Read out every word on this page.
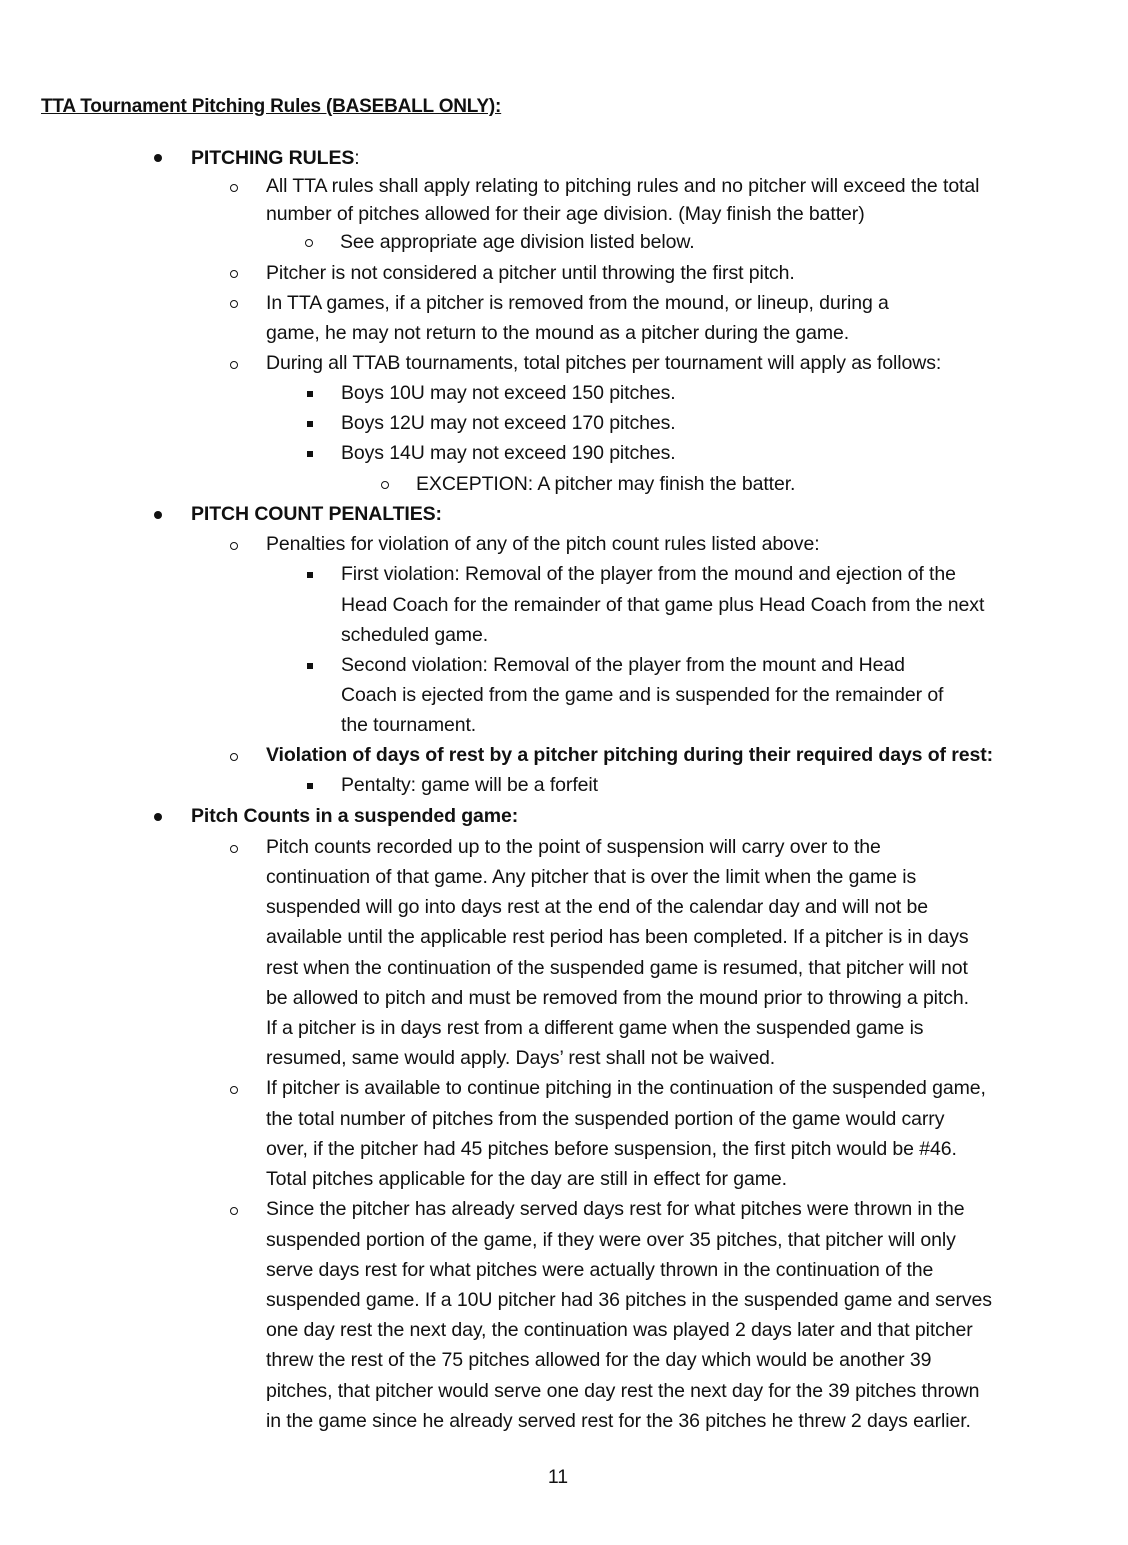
TTA Tournament Pitching Rules (BASEBALL ONLY):
PITCHING RULES:
All TTA rules shall apply relating to pitching rules and no pitcher will exceed the total
number of pitches allowed for their age division. (May finish the batter)
See appropriate age division listed below.
Pitcher is not considered a pitcher until throwing the first pitch.
In TTA games, if a pitcher is removed from the mound, or lineup, during a
game, he may not return to the mound as a pitcher during the game.
During all TTAB tournaments, total pitches per tournament will apply as follows:
Boys 10U may not exceed 150 pitches.
Boys 12U may not exceed 170 pitches.
Boys 14U may not exceed 190 pitches.
EXCEPTION: A pitcher may finish the batter.
PITCH COUNT PENALTIES:
Penalties for violation of any of the pitch count rules listed above:
First violation: Removal of the player from the mound and ejection of the
Head Coach for the remainder of that game plus Head Coach from the next
scheduled game.
Second violation: Removal of the player from the mount and Head
Coach is ejected from the game and is suspended for the remainder of
the tournament.
Violation of days of rest by a pitcher pitching during their required days of rest:
Pentalty: game will be a forfeit
Pitch Counts in a suspended game:
Pitch counts recorded up to the point of suspension will carry over to the
continuation of that game. Any pitcher that is over the limit when the game is
suspended will go into days rest at the end of the calendar day and will not be
available until the applicable rest period has been completed. If a pitcher is in days
rest when the continuation of the suspended game is resumed, that pitcher will not
be allowed to pitch and must be removed from the mound prior to throwing a pitch.
If a pitcher is in days rest from a different game when the suspended game is
resumed, same would apply. Days’ rest shall not be waived.
If pitcher is available to continue pitching in the continuation of the suspended game,
the total number of pitches from the suspended portion of the game would carry
over, if the pitcher had 45 pitches before suspension, the first pitch would be #46.
Total pitches applicable for the day are still in effect for game.
Since the pitcher has already served days rest for what pitches were thrown in the
suspended portion of the game, if they were over 35 pitches, that pitcher will only
serve days rest for what pitches were actually thrown in the continuation of the
suspended game. If a 10U pitcher had 36 pitches in the suspended game and serves
one day rest the next day, the continuation was played 2 days later and that pitcher
threw the rest of the 75 pitches allowed for the day which would be another 39
pitches, that pitcher would serve one day rest the next day for the 39 pitches thrown
in the game since he already served rest for the 36 pitches he threw 2 days earlier.
11
